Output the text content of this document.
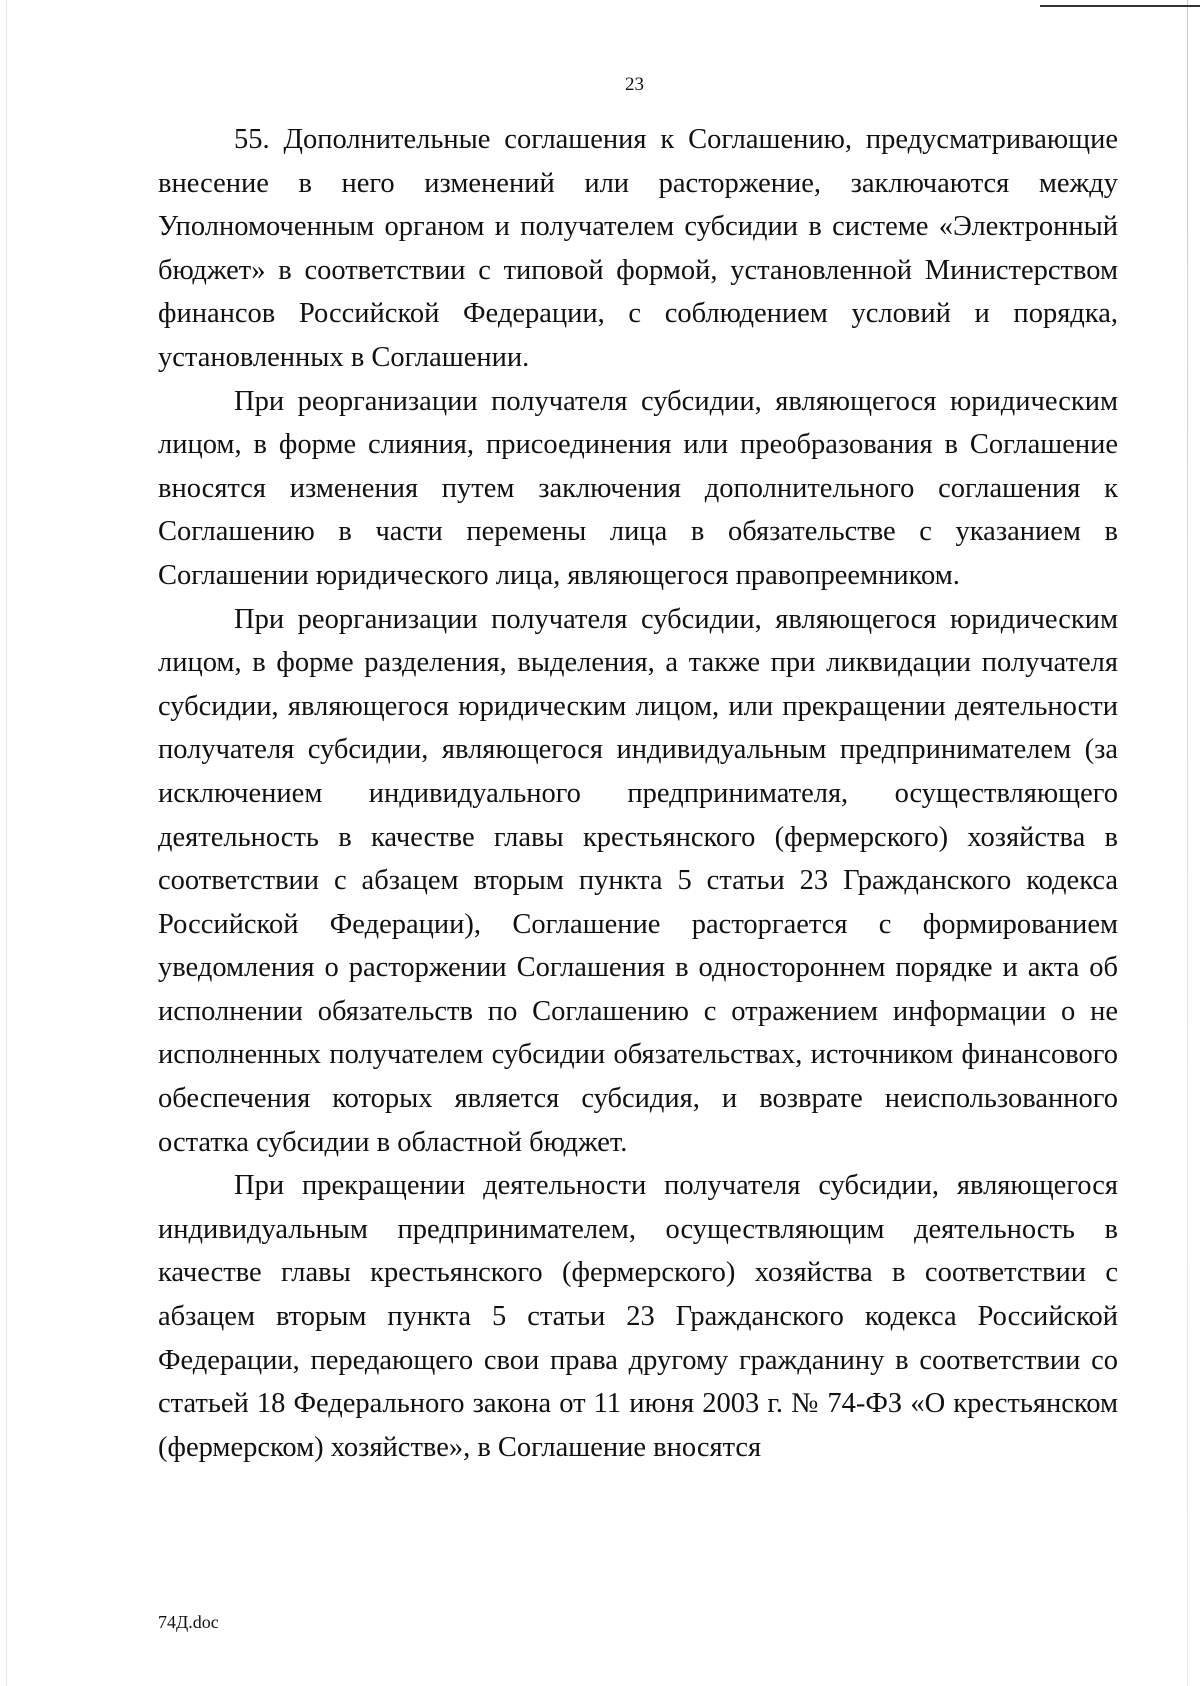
23

55. Дополнительные соглашения к Соглашению, предусматривающие внесение в него изменений или расторжение, заключаются между Уполномоченным органом и получателем субсидии в системе «Электронный бюджет» в соответствии с типовой формой, установленной Министерством финансов Российской Федерации, с соблюдением условий и порядка, установленных в Соглашении.

При реорганизации получателя субсидии, являющегося юридическим лицом, в форме слияния, присоединения или преобразования в Соглашение вносятся изменения путем заключения дополнительного соглашения к Соглашению в части перемены лица в обязательстве с указанием в Соглашении юридического лица, являющегося правопреемником.

При реорганизации получателя субсидии, являющегося юридическим лицом, в форме разделения, выделения, а также при ликвидации получателя субсидии, являющегося юридическим лицом, или прекращении деятельности получателя субсидии, являющегося индивидуальным предпринимателем (за исключением индивидуального предпринимателя, осуществляющего деятельность в качестве главы крестьянского (фермерского) хозяйства в соответствии с абзацем вторым пункта 5 статьи 23 Гражданского кодекса Российской Федерации), Соглашение расторгается с формированием уведомления о расторжении Соглашения в одностороннем порядке и акта об исполнении обязательств по Соглашению с отражением информации о не исполненных получателем субсидии обязательствах, источником финансового обеспечения которых является субсидия, и возврате неиспользованного остатка субсидии в областной бюджет.

При прекращении деятельности получателя субсидии, являющегося индивидуальным предпринимателем, осуществляющим деятельность в качестве главы крестьянского (фермерского) хозяйства в соответствии с абзацем вторым пункта 5 статьи 23 Гражданского кодекса Российской Федерации, передающего свои права другому гражданину в соответствии со статьей 18 Федерального закона от 11 июня 2003 г. № 74-ФЗ «О крестьянском (фермерском) хозяйстве», в Соглашение вносятся

74Д.doc
